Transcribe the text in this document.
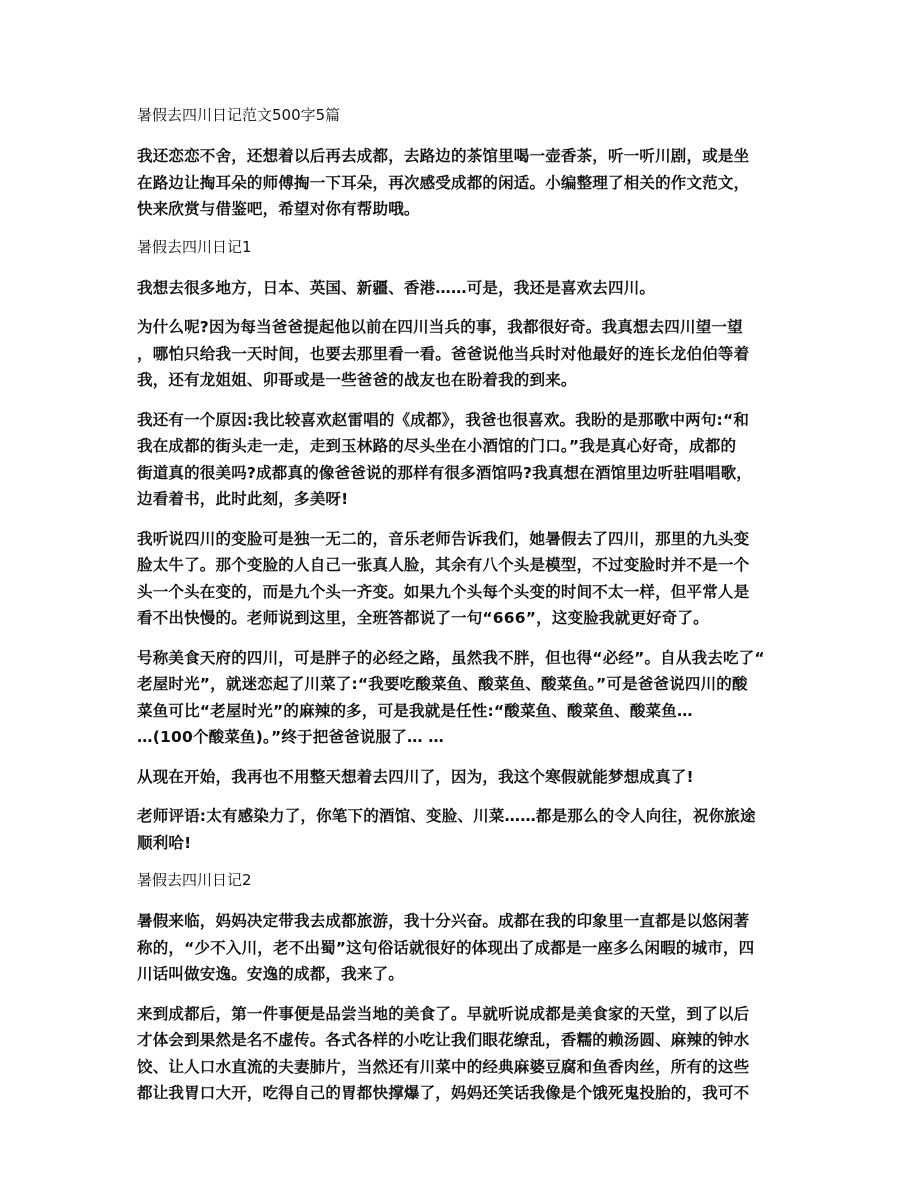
暑假去四川日记范文500字5篇
我还恋恋不舍，还想着以后再去成都，去路边的茶馆里喝一壶香茶，听一听川剧，或是坐
在路边让掏耳朵的师傅掏一下耳朵，再次感受成都的闲适。小编整理了相关的作文范文，
快来欣赏与借鉴吧，希望对你有帮助哦。
暑假去四川日记1
我想去很多地方，日本、英国、新疆、香港……可是，我还是喜欢去四川。
为什么呢?因为每当爸爸提起他以前在四川当兵的事，我都很好奇。我真想去四川望一望
，哪怕只给我一天时间，也要去那里看一看。爸爸说他当兵时对他最好的连长龙伯伯等着
我，还有龙姐姐、卯哥或是一些爸爸的战友也在盼着我的到来。
我还有一个原因:我比较喜欢赵雷唱的《成都》，我爸也很喜欢。我盼的是那歌中两句:“和
我在成都的街头走一走，走到玉林路的尽头坐在小酒馆的门口。”我是真心好奇，成都的
街道真的很美吗?成都真的像爸爸说的那样有很多酒馆吗?我真想在酒馆里边听驻唱唱歌，
边看着书，此时此刻，多美呀!
我听说四川的变脸可是独一无二的，音乐老师告诉我们，她暑假去了四川，那里的九头变
脸太牛了。那个变脸的人自己一张真人脸，其余有八个头是模型，不过变脸时并不是一个
头一个头在变的，而是九个头一齐变。如果九个头每个头变的时间不太一样，但平常人是
看不出快慢的。老师说到这里，全班答都说了一句“666”，这变脸我就更好奇了。
号称美食天府的四川，可是胖子的必经之路，虽然我不胖，但也得“必经”。自从我去吃了“
老屋时光”，就迷恋起了川菜了:“我要吃酸菜鱼、酸菜鱼、酸菜鱼。”可是爸爸说四川的酸
菜鱼可比“老屋时光”的麻辣的多，可是我就是任性:“酸菜鱼、酸菜鱼、酸菜鱼…
…(100个酸菜鱼)。”终于把爸爸说服了… …
从现在开始，我再也不用整天想着去四川了，因为，我这个寒假就能梦想成真了!
老师评语:太有感染力了，你笔下的酒馆、变脸、川菜……都是那么的令人向往，祝你旅途
顺利哈!
暑假去四川日记2
暑假来临，妈妈决定带我去成都旅游，我十分兴奋。成都在我的印象里一直都是以悠闲著
称的，“少不入川，老不出蜀”这句俗话就很好的体现出了成都是一座多么闲暇的城市，四
川话叫做安逸。安逸的成都，我来了。
来到成都后，第一件事便是品尝当地的美食了。早就听说成都是美食家的天堂，到了以后
才体会到果然是名不虚传。各式各样的小吃让我们眼花缭乱，香糯的赖汤圆、麻辣的钟水
饺、让人口水直流的夫妻肺片，当然还有川菜中的经典麻婆豆腐和鱼香肉丝，所有的这些
都让我胃口大开，吃得自己的胃都快撑爆了，妈妈还笑话我像是个饿死鬼投胎的，我可不
